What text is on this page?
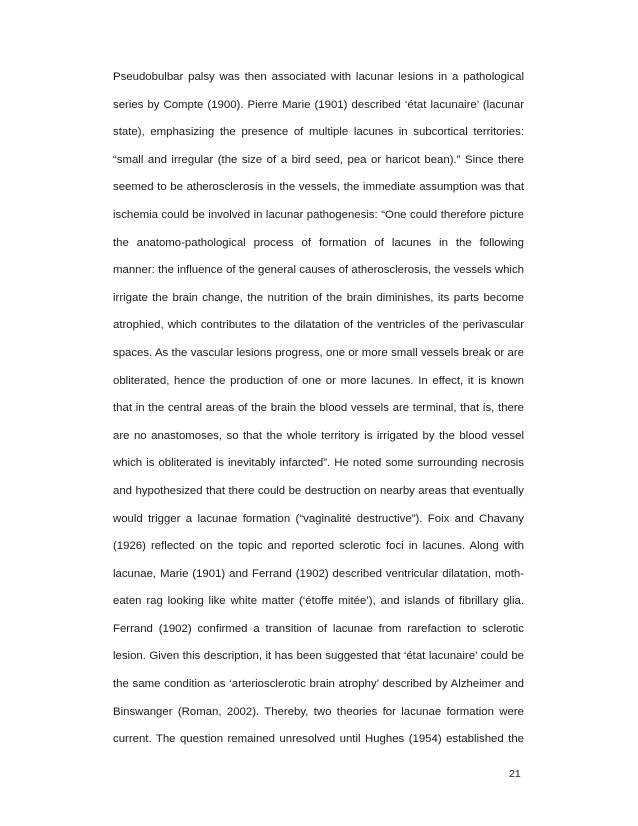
Pseudobulbar palsy was then associated with lacunar lesions in a pathological
series by Compte (1900). Pierre Marie (1901) described ‘état lacunaire’ (lacunar
state), emphasizing the presence of multiple lacunes in subcortical territories:
“small and irregular (the size of a bird seed, pea or haricot bean).” Since there
seemed to be atherosclerosis in the vessels, the immediate assumption was that
ischemia could be involved in lacunar pathogenesis: “One could therefore picture
the anatomo-pathological process of formation of lacunes in the following
manner: the influence of the general causes of atherosclerosis, the vessels which
irrigate the brain change, the nutrition of the brain diminishes, its parts become
atrophied, which contributes to the dilatation of the ventricles of the perivascular
spaces. As the vascular lesions progress, one or more small vessels break or are
obliterated, hence the production of one or more lacunes. In effect, it is known
that in the central areas of the brain the blood vessels are terminal, that is, there
are no anastomoses, so that the whole territory is irrigated by the blood vessel
which is obliterated is inevitably infarcted”. He noted some surrounding necrosis
and hypothesized that there could be destruction on nearby areas that eventually
would trigger a lacunae formation (“vaginalité destructive”). Foix and Chavany
(1926) reflected on the topic and reported sclerotic foci in lacunes. Along with
lacunae, Marie (1901) and Ferrand (1902) described ventricular dilatation, moth-
eaten rag looking like white matter (‘étoffe mitée’), and islands of fibrillary glia.
Ferrand (1902) confirmed a transition of lacunae from rarefaction to sclerotic
lesion. Given this description, it has been suggested that ‘état lacunaire’ could be
the same condition as ‘arteriosclerotic brain atrophy’ described by Alzheimer and
Binswanger (Roman, 2002). Thereby, two theories for lacunae formation were
current. The question remained unresolved until Hughes (1954) established the
21
